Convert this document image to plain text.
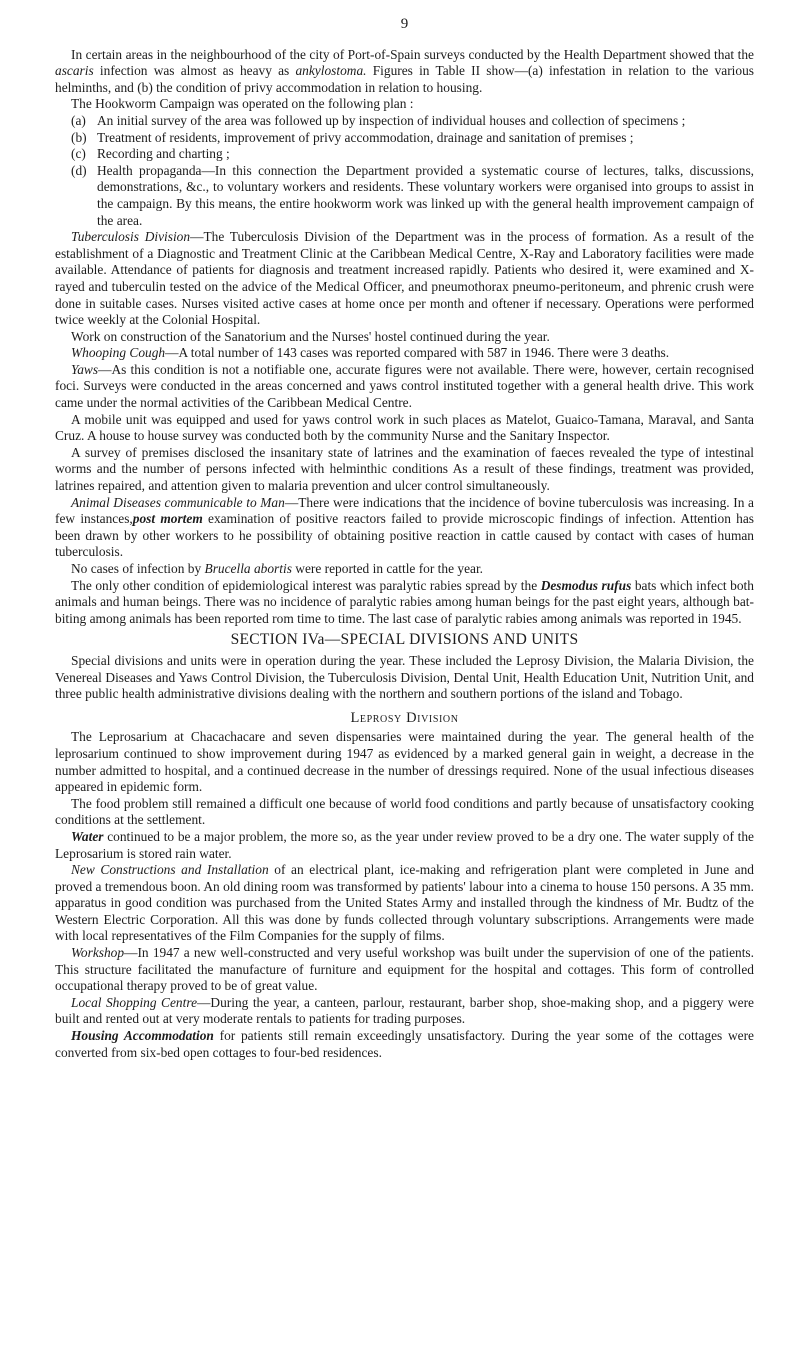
9

In certain areas in the neighbourhood of the city of Port-of-Spain surveys conducted by the Health Department showed that the ascaris infection was almost as heavy as ankylostoma. Figures in Table II show—(a) infestation in relation to the various helminths, and (b) the condition of privy accommodation in relation to housing.

The Hookworm Campaign was operated on the following plan :

(a) An initial survey of the area was followed up by inspection of individual houses and collection of specimens ;
(b) Treatment of residents, improvement of privy accommodation, drainage and sanitation of premises ;
(c) Recording and charting ;
(d) Health propaganda—In this connection the Department provided a systematic course of lectures, talks, discussions, demonstrations, &c., to voluntary workers and residents. These voluntary workers were organised into groups to assist in the campaign. By this means, the entire hookworm work was linked up with the general health improvement campaign of the area.

Tuberculosis Division—The Tuberculosis Division of the Department was in the process of formation. As a result of the establishment of a Diagnostic and Treatment Clinic at the Caribbean Medical Centre, X-Ray and Laboratory facilities were made available. Attendance of patients for diagnosis and treatment increased rapidly. Patients who desired it, were examined and X-rayed and tuberculin tested on the advice of the Medical Officer, and pneumothorax pneumo-peritoneum, and phrenic crush were done in suitable cases. Nurses visited active cases at home once per month and oftener if necessary. Operations were performed twice weekly at the Colonial Hospital.

Work on construction of the Sanatorium and the Nurses' hostel continued during the year.

Whooping Cough—A total number of 143 cases was reported compared with 587 in 1946. There were 3 deaths.

Yaws—As this condition is not a notifiable one, accurate figures were not available. There were, however, certain recognised foci. Surveys were conducted in the areas concerned and yaws control instituted together with a general health drive. This work came under the normal activities of the Caribbean Medical Centre.

A mobile unit was equipped and used for yaws control work in such places as Matelot, Guaico-Tamana, Maraval, and Santa Cruz. A house to house survey was conducted both by the community Nurse and the Sanitary Inspector.

A survey of premises disclosed the insanitary state of latrines and the examination of faeces revealed the type of intestinal worms and the number of persons infected with helminthic conditions As a result of these findings, treatment was provided, latrines repaired, and attention given to malaria prevention and ulcer control simultaneously.

Animal Diseases communicable to Man—There were indications that the incidence of bovine tuberculosis was increasing. In a few instances,post mortem examination of positive reactors failed to provide microscopic findings of infection. Attention has been drawn by other workers to he possibility of obtaining positive reaction in cattle caused by contact with cases of human tuberculosis.

No cases of infection by Brucella abortis were reported in cattle for the year.

The only other condition of epidemiological interest was paralytic rabies spread by the Desmodus rufus bats which infect both animals and human beings. There was no incidence of paralytic rabies among human beings for the past eight years, although bat-biting among animals has been reported rom time to time. The last case of paralytic rabies among animals was reported in 1945.

SECTION IVa—SPECIAL DIVISIONS AND UNITS

Special divisions and units were in operation during the year. These included the Leprosy Division, the Malaria Division, the Venereal Diseases and Yaws Control Division, the Tuberculosis Division, Dental Unit, Health Education Unit, Nutrition Unit, and three public health administrative divisions dealing with the northern and southern portions of the island and Tobago.

Leprosy Division

The Leprosarium at Chacachacare and seven dispensaries were maintained during the year. The general health of the leprosarium continued to show improvement during 1947 as evidenced by a marked general gain in weight, a decrease in the number admitted to hospital, and a continued decrease in the number of dressings required. None of the usual infectious diseases appeared in epidemic form.

The food problem still remained a difficult one because of world food conditions and partly because of unsatisfactory cooking conditions at the settlement.

Water continued to be a major problem, the more so, as the year under review proved to be a dry one. The water supply of the Leprosarium is stored rain water.

New Constructions and Installation of an electrical plant, ice-making and refrigeration plant were completed in June and proved a tremendous boon. An old dining room was transformed by patients' labour into a cinema to house 150 persons. A 35 mm. apparatus in good condition was purchased from the United States Army and installed through the kindness of Mr. Budtz of the Western Electric Corporation. All this was done by funds collected through voluntary subscriptions. Arrangements were made with local representatives of the Film Companies for the supply of films.

Workshop—In 1947 a new well-constructed and very useful workshop was built under the supervision of one of the patients. This structure facilitated the manufacture of furniture and equipment for the hospital and cottages. This form of controlled occupational therapy proved to be of great value.

Local Shopping Centre—During the year, a canteen, parlour, restaurant, barber shop, shoe-making shop, and a piggery were built and rented out at very moderate rentals to patients for trading purposes.

Housing Accommodation for patients still remain exceedingly unsatisfactory. During the year some of the cottages were converted from six-bed open cottages to four-bed residences.
